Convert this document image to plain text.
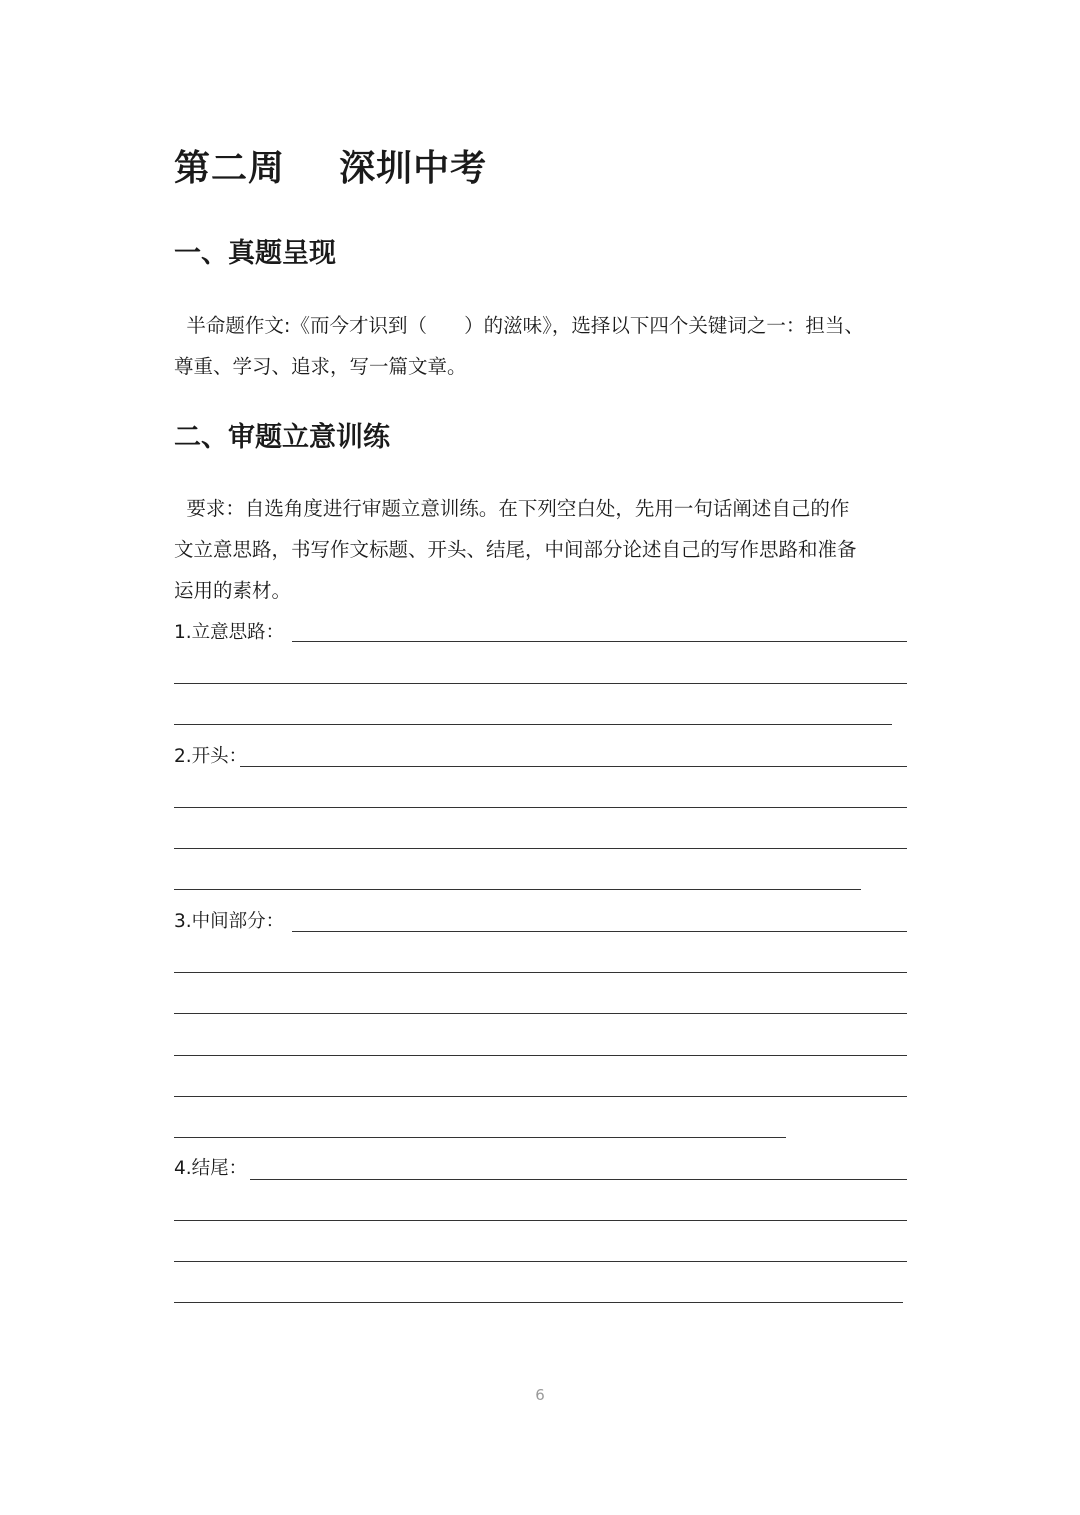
第二周    深圳中考
一、真题呈现
半命题作文:《而今才识到（      ）的滋味》，选择以下四个关键词之一：担当、
尊重、学习、追求，写一篇文章。
二、审题立意训练
要求：自选角度进行审题立意训练。在下列空白处，先用一句话阐述自己的作
文立意思路，书写作文标题、开头、结尾，中间部分论述自己的写作思路和准备
运用的素材。
1.立意思路：
2.开头：
3.中间部分：
4.结尾：
6
